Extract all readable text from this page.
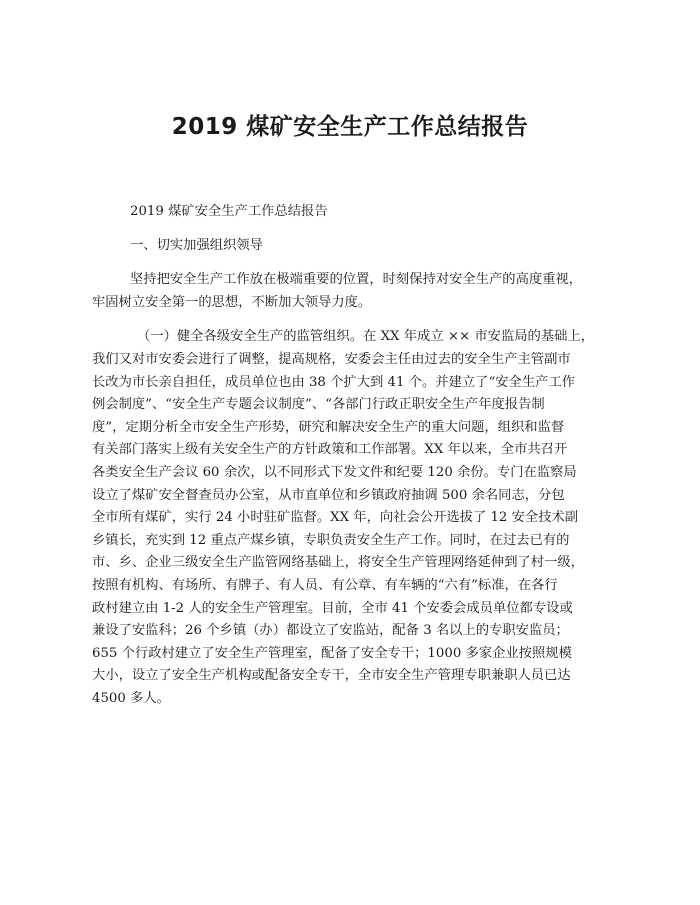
2019 煤矿安全生产工作总结报告
2019 煤矿安全生产工作总结报告
一、切实加强组织领导
坚持把安全生产工作放在极端重要的位置，时刻保持对安全生产的高度重视，
牢固树立安全第一的思想，不断加大领导力度。
（一）健全各级安全生产的监管组织。在 XX 年成立 ×× 市安监局的基础上，
我们又对市安委会进行了调整，提高规格，安委会主任由过去的安全生产主管副市
长改为市长亲自担任，成员单位也由 38 个扩大到 41 个。并建立了“安全生产工作
例会制度”、“安全生产专题会议制度”、“各部门行政正职安全生产年度报告制
度”，定期分析全市安全生产形势，研究和解决安全生产的重大问题，组织和监督
有关部门落实上级有关安全生产的方针政策和工作部署。XX 年以来，全市共召开
各类安全生产会议 60 余次，以不同形式下发文件和纪要 120 余份。专门在监察局
设立了煤矿安全督查员办公室，从市直单位和乡镇政府抽调 500 余名同志，分包
全市所有煤矿，实行 24 小时驻矿监督。XX 年，向社会公开选拔了 12 安全技术副
乡镇长，充实到 12 重点产煤乡镇，专职负责安全生产工作。同时，在过去已有的
市、乡、企业三级安全生产监管网络基础上，将安全生产管理网络延伸到了村一级，
按照有机构、有场所、有牌子、有人员、有公章、有车辆的“六有”标准，在各行
政村建立由 1-2 人的安全生产管理室。目前，全市 41 个安委会成员单位都专设或
兼设了安监科；26 个乡镇（办）都设立了安监站，配备 3 名以上的专职安监员；
655 个行政村建立了安全生产管理室，配备了安全专干；1000 多家企业按照规模
大小，设立了安全生产机构或配备安全专干，全市安全生产管理专职兼职人员已达
4500 多人。
